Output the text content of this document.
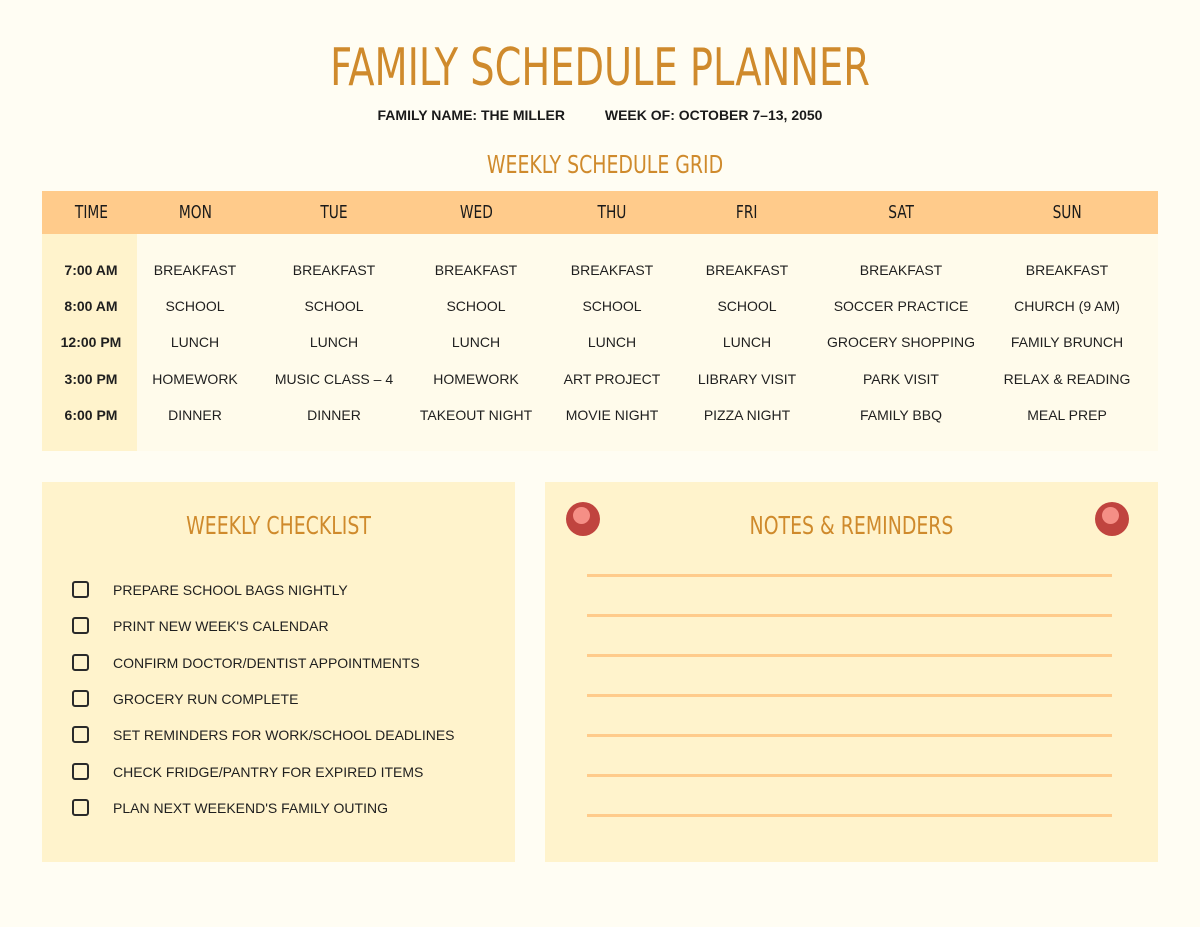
FAMILY SCHEDULE PLANNER
FAMILY NAME: THE MILLER	WEEK OF: OCTOBER 7–13, 2050
WEEKLY SCHEDULE GRID
TIME	MON	TUE	WED	THU	FRI	SAT	SUN
7:00 AM	BREAKFAST	BREAKFAST	BREAKFAST	BREAKFAST	BREAKFAST	BREAKFAST	BREAKFAST
8:00 AM	SCHOOL	SCHOOL	SCHOOL	SCHOOL	SCHOOL	SOCCER PRACTICE	CHURCH (9 AM)
12:00 PM	LUNCH	LUNCH	LUNCH	LUNCH	LUNCH	GROCERY SHOPPING	FAMILY BRUNCH
3:00 PM	HOMEWORK	MUSIC CLASS – 4	HOMEWORK	ART PROJECT	LIBRARY VISIT	PARK VISIT	RELAX & READING
6:00 PM	DINNER	DINNER	TAKEOUT NIGHT	MOVIE NIGHT	PIZZA NIGHT	FAMILY BBQ	MEAL PREP
WEEKLY CHECKLIST
PREPARE SCHOOL BAGS NIGHTLY
PRINT NEW WEEK'S CALENDAR
CONFIRM DOCTOR/DENTIST APPOINTMENTS
GROCERY RUN COMPLETE
SET REMINDERS FOR WORK/SCHOOL DEADLINES
CHECK FRIDGE/PANTRY FOR EXPIRED ITEMS
PLAN NEXT WEEKEND'S FAMILY OUTING
NOTES & REMINDERS
